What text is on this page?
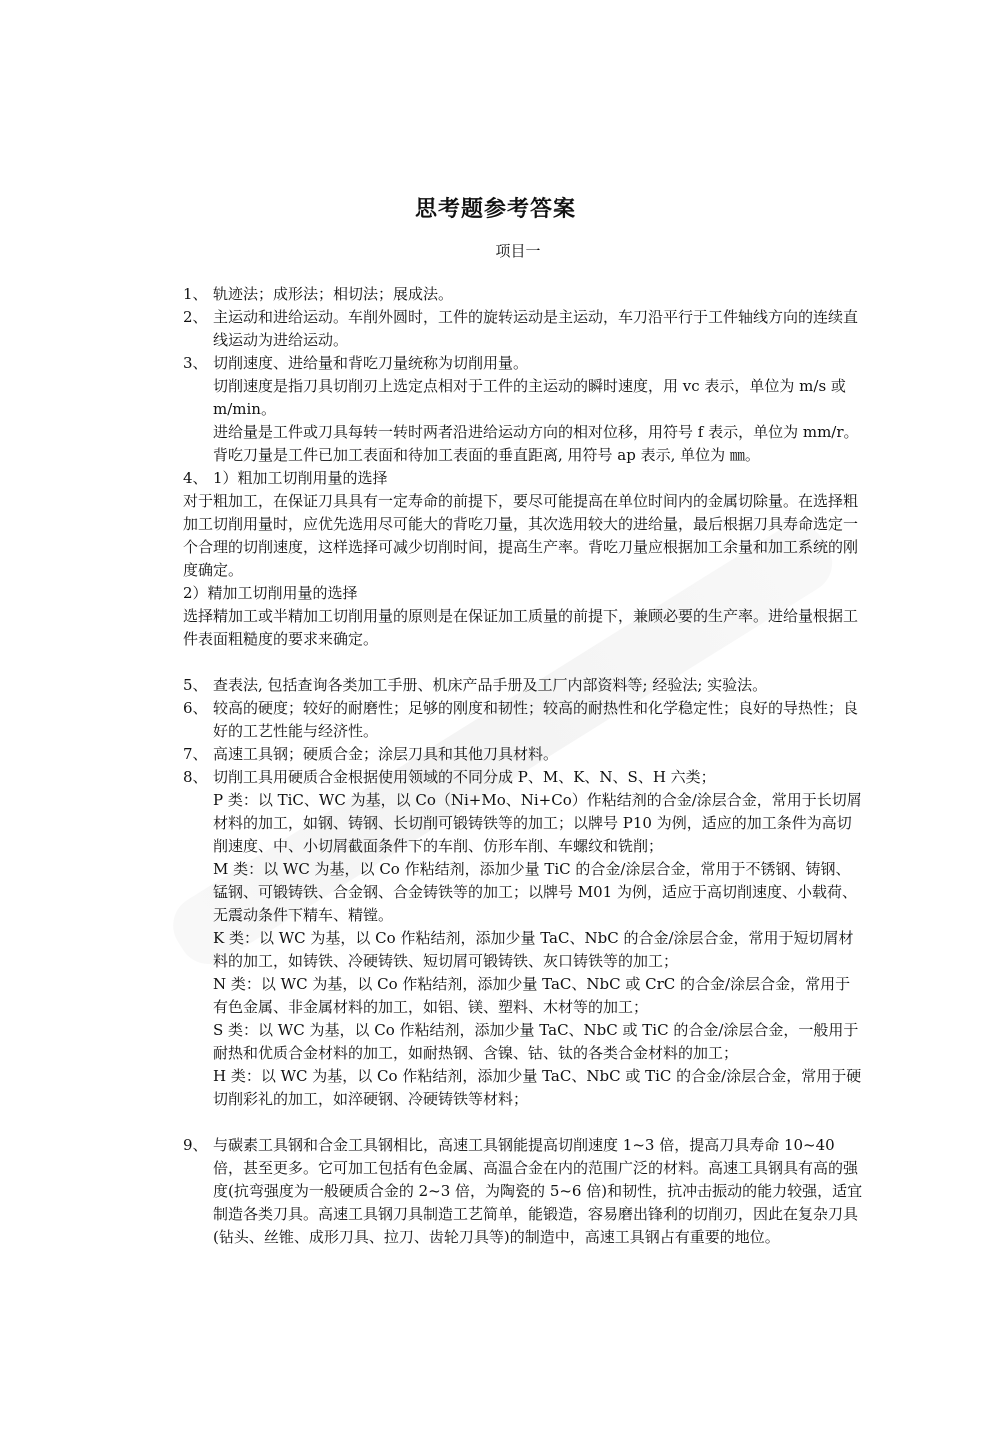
思考题参考答案
项目一
1、 轨迹法；成形法；相切法；展成法。

2、 主运动和进给运动。车削外圆时，工件的旋转运动是主运动，车刀沿平行于工件轴线方向的连续直线运动为进给运动。

3、 切削速度、进给量和背吃刀量统称为切削用量。

切削速度是指刀具切削刃上选定点相对于工件的主运动的瞬时速度，用 vc 表示，单位为 m/s 或 m/min。

进给量是工件或刀具每转一转时两者沿进给运动方向的相对位移，用符号 f 表示，单位为 mm/r。

背吃刀量是工件已加工表面和待加工表面的垂直距离, 用符号 ap 表示, 单位为 ㎜。

4、 1）粗加工切削用量的选择

对于粗加工，在保证刀具具有一定寿命的前提下，要尽可能提高在单位时间内的金属切除量。在选择粗加工切削用量时，应优先选用尽可能大的背吃刀量，其次选用较大的进给量，最后根据刀具寿命选定一个合理的切削速度，这样选择可减少切削时间，提高生产率。背吃刀量应根据加工余量和加工系统的刚度确定。

2）精加工切削用量的选择

选择精加工或半精加工切削用量的原则是在保证加工质量的前提下，兼顾必要的生产率。进给量根据工件表面粗糙度的要求来确定。

5、 查表法, 包括查询各类加工手册、机床产品手册及工厂内部资料等; 经验法; 实验法。

6、 较高的硬度；较好的耐磨性；足够的刚度和韧性；较高的耐热性和化学稳定性；良好的导热性；良好的工艺性能与经济性。

7、 高速工具钢；硬质合金；涂层刀具和其他刀具材料。

8、 切削工具用硬质合金根据使用领域的不同分成 P、M、K、N、S、H 六类；

P 类：以 TiC、WC 为基，以 Co（Ni+Mo、Ni+Co）作粘结剂的合金/涂层合金，常用于长切屑材料的加工，如钢、铸钢、长切削可锻铸铁等的加工；以牌号 P10 为例，适应的加工条件为高切削速度、中、小切屑截面条件下的车削、仿形车削、车螺纹和铣削；

M 类：以 WC 为基，以 Co 作粘结剂，添加少量 TiC 的合金/涂层合金，常用于不锈钢、铸钢、锰钢、可锻铸铁、合金钢、合金铸铁等的加工；以牌号 M01 为例，适应于高切削速度、小载荷、无震动条件下精车、精镗。

K 类：以 WC 为基，以 Co 作粘结剂，添加少量 TaC、NbC 的合金/涂层合金，常用于短切屑材料的加工，如铸铁、冷硬铸铁、短切屑可锻铸铁、灰口铸铁等的加工；

N 类：以 WC 为基，以 Co 作粘结剂，添加少量 TaC、NbC 或 CrC 的合金/涂层合金，常用于有色金属、非金属材料的加工，如铝、镁、塑料、木材等的加工；

S 类：以 WC 为基，以 Co 作粘结剂，添加少量 TaC、NbC 或 TiC 的合金/涂层合金，一般用于耐热和优质合金材料的加工，如耐热钢、含镍、钴、钛的各类合金材料的加工；

H 类：以 WC 为基，以 Co 作粘结剂，添加少量 TaC、NbC 或 TiC 的合金/涂层合金，常用于硬切削彩礼的加工，如淬硬钢、冷硬铸铁等材料；

9、 与碳素工具钢和合金工具钢相比，高速工具钢能提高切削速度 1~3 倍，提高刀具寿命 10~40 倍，甚至更多。它可加工包括有色金属、高温合金在内的范围广泛的材料。高速工具钢具有高的强度(抗弯强度为一般硬质合金的 2~3 倍，为陶瓷的 5~6 倍)和韧性，抗冲击振动的能力较强，适宜制造各类刀具。高速工具钢刀具制造工艺简单，能锻造，容易磨出锋利的切削刃，因此在复杂刀具(钻头、丝锥、成形刀具、拉刀、齿轮刀具等)的制造中，高速工具钢占有重要的地位。
